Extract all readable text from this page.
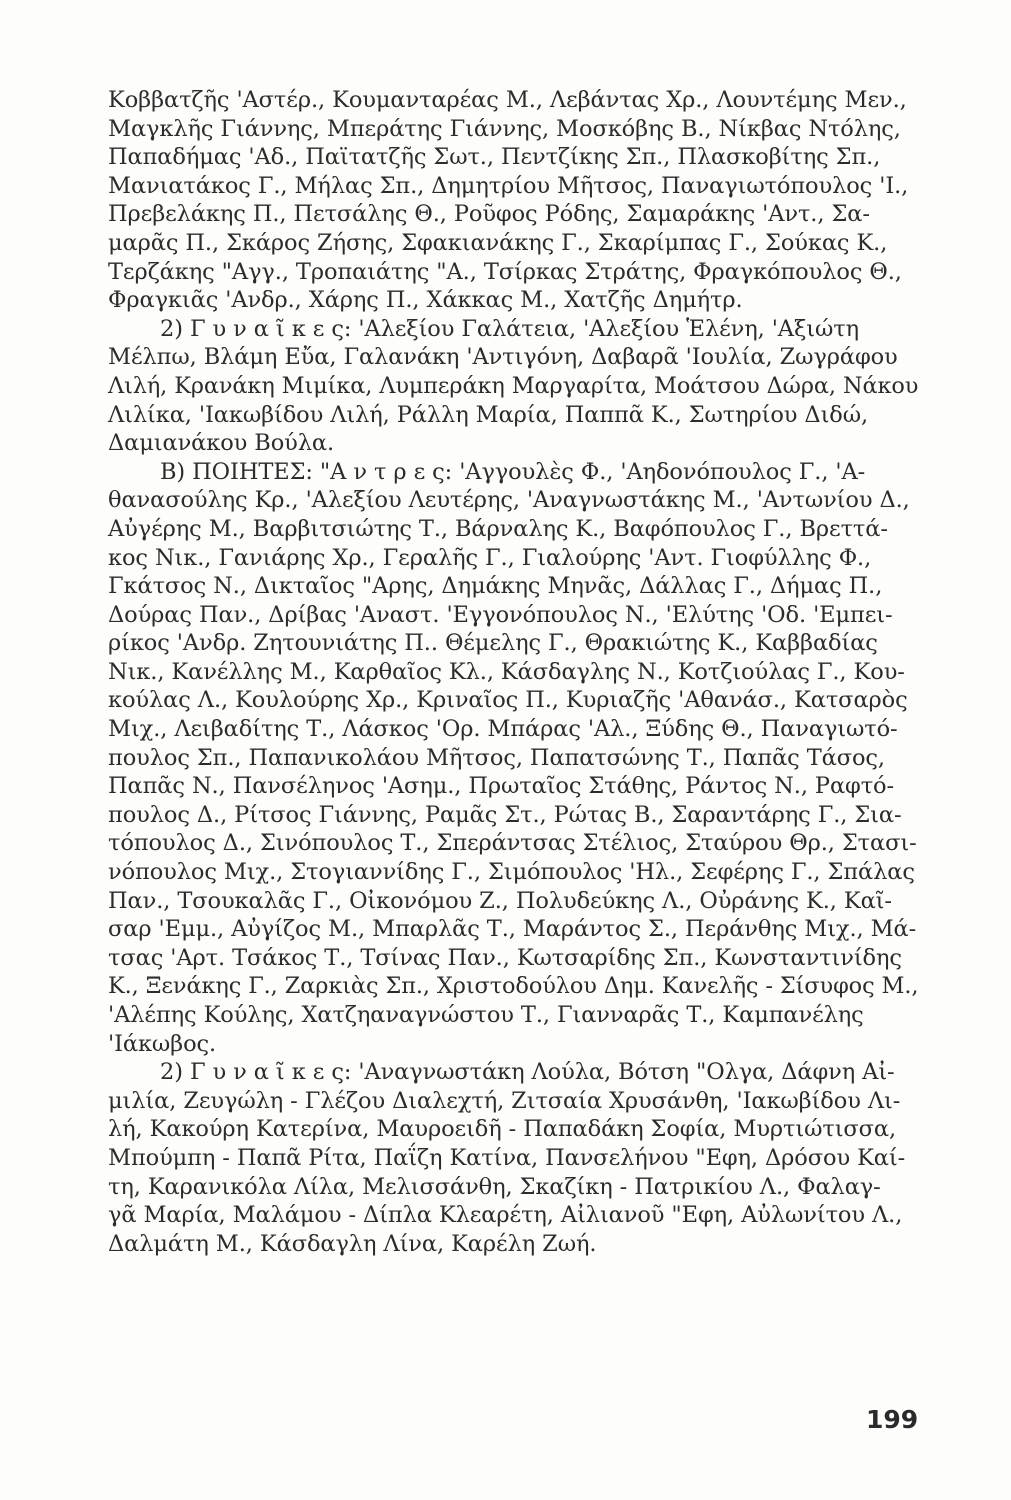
Κοββατζῆς 'Αστέρ., Κουμανταρέας Μ., Λεβάντας Χρ., Λουντέμης Μεν.,
Μαγκλῆς Γιάννης, Μπεράτης Γιάννης, Μοσκόβης Β., Νίκβας Ντόλης,
Παπαδήμας 'Αδ., Παϊτατζῆς Σωτ., Πεντζίκης Σπ., Πλασκοβίτης Σπ.,
Μανιατάκος Γ., Μήλας Σπ., Δημητρίου Μῆτσος, Παναγιωτόπουλος 'Ι.,
Πρεβελάκης Π., Πετσάλης Θ., Ροῦφος Ρόδης, Σαμαράκης 'Αντ., Σα-
μαρᾶς Π., Σκάρος Ζήσης, Σφακιανάκης Γ., Σκαρίμπας Γ., Σούκας Κ.,
Τερζάκης "Αγγ., Τροπαιάτης "Α., Τσίρκας Στράτης, Φραγκόπουλος Θ.,
Φραγκιᾶς 'Ανδρ., Χάρης Π., Χάκκας Μ., Χατζῆς Δημήτρ.
2) Γ υ ν α ῖ κ ε ς: 'Αλεξίου Γαλάτεια, 'Αλεξίου Ἑλένη, 'Αξιώτη
Μέλπω, Βλάμη Εὔα, Γαλανάκη 'Αντιγόνη, Δαβαρᾶ 'Ιουλία, Ζωγράφου
Λιλή, Κρανάκη Μιμίκα, Λυμπεράκη Μαργαρίτα, Μοάτσου Δώρα, Νάκου
Λιλίκα, 'Ιακωβίδου Λιλή, Ράλλη Μαρία, Παππᾶ Κ., Σωτηρίου Διδώ,
Δαμιανάκου Βούλα.
Β) ΠΟΙΗΤΕΣ: "Α ν τ ρ ε ς: 'Αγγουλὲς Φ., 'Αηδονόπουλος Γ., 'Α-
θανασούλης Κρ., 'Αλεξίου Λευτέρης, 'Αναγνωστάκης Μ., 'Αντωνίου Δ.,
Αὐγέρης Μ., Βαρβιτσιώτης Τ., Βάρναλης Κ., Βαφόπουλος Γ., Βρεττά-
κος Νικ., Γανιάρης Χρ., Γεραλῆς Γ., Γιαλούρης 'Αντ. Γιοφύλλης Φ.,
Γκάτσος Ν., Δικταῖος "Αρης, Δημάκης Μηνᾶς, Δάλλας Γ., Δήμας Π.,
Δούρας Παν., Δρίβας 'Αναστ. 'Εγγονόπουλος Ν., 'Ελύτης 'Οδ. 'Εμπει-
ρίκος 'Ανδρ. Ζητουνιάτης Π.. Θέμελης Γ., Θρακιώτης Κ., Καββαδίας
Νικ., Κανέλλης Μ., Καρθαῖος Κλ., Κάσδαγλης Ν., Κοτζιούλας Γ., Κου-
κούλας Λ., Κουλούρης Χρ., Κριναῖος Π., Κυριαζῆς 'Αθανάσ., Κατσαρὸς
Μιχ., Λειβαδίτης Τ., Λάσκος 'Ορ. Μπάρας 'Αλ., Ξύδης Θ., Παναγιωτό-
πουλος Σπ., Παπανικολάου Μῆτσος, Παπατσώνης Τ., Παπᾶς Τάσος,
Παπᾶς Ν., Πανσέληνος 'Ασημ., Πρωταῖος Στάθης, Ράντος Ν., Ραφτό-
πουλος Δ., Ρίτσος Γιάννης, Ραμᾶς Στ., Ρώτας Β., Σαραντάρης Γ., Σια-
τόπουλος Δ., Σινόπουλος Τ., Σπεράντσας Στέλιος, Σταύρου Θρ., Στασι-
νόπουλος Μιχ., Στογιαννίδης Γ., Σιμόπουλος 'Ηλ., Σεφέρης Γ., Σπάλας
Παν., Τσουκαλᾶς Γ., Οἰκονόμου Ζ., Πολυδεύκης Λ., Οὐράνης Κ., Καῖ-
σαρ 'Εμμ., Αὐγίζος Μ., Μπαρλᾶς Τ., Μαράντος Σ., Περάνθης Μιχ., Μά-
τσας 'Αρτ. Τσάκος Τ., Τσίνας Παν., Κωτσαρίδης Σπ., Κωνσταντινίδης
Κ., Ξενάκης Γ., Ζαρκιὰς Σπ., Χριστοδούλου Δημ. Κανελῆς - Σίσυφος Μ.,
'Αλέπης Κούλης, Χατζηαναγνώστου Τ., Γιανναρᾶς Τ., Καμπανέλης
'Ιάκωβος.
2) Γ υ ν α ῖ κ ε ς: 'Αναγνωστάκη Λούλα, Βότση "Ολγα, Δάφνη Αἰ-
μιλία, Ζευγώλη - Γλέζου Διαλεχτή, Ζιτσαία Χρυσάνθη, 'Ιακωβίδου Λι-
λή, Κακούρη Κατερίνα, Μαυροειδῆ - Παπαδάκη Σοφία, Μυρτιώτισσα,
Μπούμπη - Παπᾶ Ρίτα, Παΐζη Κατίνα, Πανσελήνου "Εφη, Δρόσου Καί-
τη, Καρανικόλα Λίλα, Μελισσάνθη, Σκαζίκη - Πατρικίου Λ., Φαλαγ-
γᾶ Μαρία, Μαλάμου - Δίπλα Κλεαρέτη, Αἰλιανοῦ "Εφη, Αὐλωνίτου Λ.,
Δαλμάτη Μ., Κάσδαγλη Λίνα, Καρέλη Ζωή.
199
